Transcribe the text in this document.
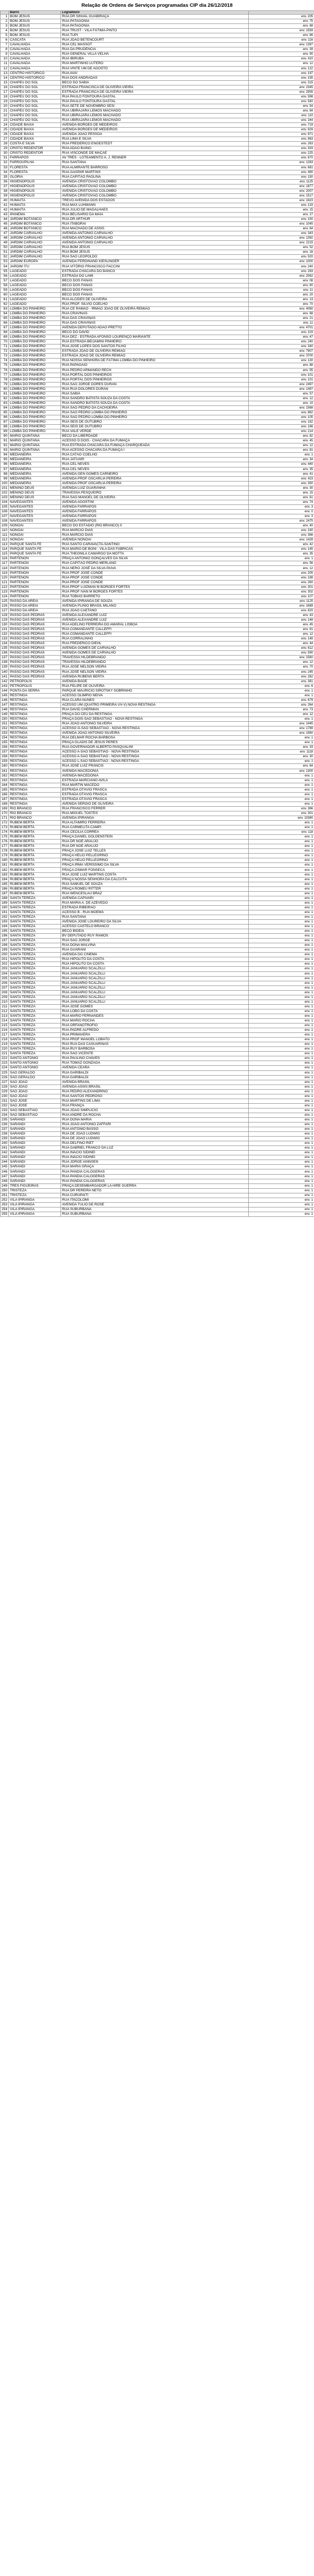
Relação de Ordens de Serviços programadas CIP dia 26/12/2018
	Bairro	Logradouro	
1	BOM JESUS	RUA DR SINVAL GUABIRAÇA	env. 205
2	BOM JESUS	RUA PATAGÔNIA	env. 75
3	BOM JESUS	RUA PATAGÔNIA	env. 68
4	BOM JESUS	RUA TRUST - VILA FÁTIMA-PINTO	env. 1559
5	BOM JESUS	RUA TUPI	env. 66
6	CASCATA	RUA JOÃO BETENCOURT	env. 116
7	CAVALHADA	RUA CEL MASSOT	env. 1397
8	CAVALHADA	RUA DA PRUDÊNCIA	env. 39
9	CAVALHADA	RUA GENERAL VILLA VELHA	env. 90
10	CAVALHADA	RUA IBIRUBÁ	env. 410
11	CAVALHADA	RUA MARTINHO LUTERO	env. 12
12	CAVALHADA	RUA VINTE UM DE AGOSTO	env. 122
13	CENTRO HISTÓRICO	RUA AVAÍ	env. 197
14	CENTRO HISTÓRICO	RUA DOS ANDRADAS	env. 155
15	CHAPÉU DO SOL	BECO DO SABIÁ	env. 315
16	CHAPÉU DO SOL	ESTRADA FRANCISCA DE OLIVEIRA VIEIRA	env. 2345
17	CHAPÉU DO SOL	ESTRADA FRANCISCA DE OLIVEIRA VIEIRA	env. 2555
18	CHAPÉU DO SOL	RUA PAULO FONTOURA GASTAL	env. 598
19	CHAPÉU DO SOL	RUA PAULO FONTOURA GASTAL	env. 540
20	CHAPÉU DO SOL	RUA SETE DE NOVEMBRO SESI	env. 54
21	CHAPÉU DO SOL	RUA UBIRAJARA LEMOS MACHADO	env. 84
22	CHAPÉU DO SOL	RUA UBIRAJARA LEMOS MACHADO	env. 110
23	CHAPÉU DO SOL	RUA UBIRAJARA LEMOS MACHADO	env. 244
24	CIDADE BAIXA	AVENIDA BORGES DE MEDEIROS	env. 719
25	CIDADE BAIXA	AVENIDA BORGES DE MEDEIROS	env. 929
26	CIDADE BAIXA	AVENIDA JOÃO PESSOA	env. 971
27	CIDADE BAIXA	RUA LIMA E SILVA	env. 963
28	COSTA E SILVA	RUA FREDERICO ENGESTEDT	env. 263
29	CRISTO REDENTOR	RUA ADÃO BAINO	env. 333
30	CRISTO REDENTOR	RUA VISCONDE DE MACAÉ	env. 225
31	FARRAPOS	AV TRÊS - LOTEAMENTO A. J. RENNER	env. 670
32	FARROUPILHA	RUA SANTANA	env. 1263
33	FLORESTA	RUA ALMIRANTE BARROSO	env. 681
34	FLORESTA	RUA GASPAR MARTINS	env. 490
35	GLÓRIA	RUA CAPITÃO PAOLINA	env. 150
36	HIGIENÓPOLIS	AVENIDA CRISTÓVÃO COLOMBO	env. 1125
37	HIGIENÓPOLIS	AVENIDA CRISTÓVÃO COLOMBO	env. 1877
38	HIGIENÓPOLIS	AVENIDA CRISTÓVÃO COLOMBO	env. 2007
39	HIGIENÓPOLIS	AVENIDA CRISTÓVÃO COLOMBO	env. 1517
40	HUMAITÁ	TREVO AVENIDA DOS ESTADOS	env. 1823
41	HUMAITÁ	RUA MAX LUHMANN	env. 133
42	HUMAITÁ	RUA JÚLIO DE MAGALHÃES	env. 15
43	IPANEMA	RUA BELISÁRIO DA MAIA	env. 27
44	JARDIM BOTÂNICO	RUA DR ARTHUR	env. 150
45	JARDIM BOTÂNICO	RUA ITABORAÍ	env. 1045
46	JARDIM BOTÂNICO	RUA MACHADO DE ASSIS	env. 64
47	JARDIM CARVALHO	AVENIDA ANTÔNIO CARVALHO	env. 343
48	JARDIM CARVALHO	AVENIDA ANTÔNIO CARVALHO	env. 1392
49	JARDIM CARVALHO	AVENIDA ANTÔNIO CARVALHO	env. 2215
50	JARDIM CARVALHO	RUA BOM JESUS	env. 52
51	JARDIM CARVALHO	RUA BOM JESUS	env. 16
52	JARDIM CARVALHO	RUA SÃO LEOPOLDO	env. 520
53	JARDIM EUROPA	AVENIDA FERDINAND KIESLINGER	env. 1000
54	JARDIM ITU	RUA VITÓRIO FRANCISCO FACCINI	env. 240
55	LAGEADO	ESTRADA CHÁCARA DO BANCO	env. 293
56	LAGEADO	ESTRADA DO LAMI	env. 2062
57	LAGEADO	BECO DOS FANAS	env. 08
58	LAGEADO	BECO DOS FANAS	env. 60
59	LAGEADO	BECO DOS FANAS	env. 11
60	LAGEADO	BECO DOS FANAS	env. 20
61	LAGEADO	RUA ALCIDES DE OLIVEIRA	env. 13
62	LAGEADO	RUA PROF. SILVIO COELHO	env. 70
63	LOMBA DO PINHEIRO	RUA CÉ RAMAO - IRMÃO JOÃO DE OLIVEIRA REMIÃO	env. 4080
64	LOMBA DO PINHEIRO	RUA CRAVINAS	env. 68
65	LOMBA DO PINHEIRO	RUA DAS CRAVINAS	env. 21
66	LOMBA DO PINHEIRO	RUA DAS CRAVINAS	env. 11
67	LOMBA DO PINHEIRO	AVENIDA DEPUTADO ADÃO PRETTO	env. 4701
68	LOMBA DO PINHEIRO	BECO DO DAVID	env. 103
69	LOMBA DO PINHEIRO	RUA DEZ - ESTRADA AFONSO LOURENÇO MARIANTE	env. 47
70	LOMBA DO PINHEIRO	RUA ESTRADA BEIJAMINI PINHEIRO	env. 240
71	LOMBA DO PINHEIRO	RUA JOSÉ LOPES DOS SANTOS FILHO	env. 340
72	LOMBA DO PINHEIRO	ESTRADA JOÃO DE OLIVEIRA REMIÃO	env. 7907
73	LOMBA DO PINHEIRO	ESTRADA JOÃO DE OLIVEIRA REMIÃO	env. 3700
74	LOMBA DO PINHEIRO	RUA NOSSA SENHORA DE FÁTIMA LOMBA DO PINHEIRO	env. 130
75	LOMBA DO PINHEIRO	RUA PAPAGAIO	env. 88
76	LOMBA DO PINHEIRO	RUA PEDRO ARMANDO RECH	env. 55
77	LOMBA DO PINHEIRO	RUA PORTAL DOS PINHEIROS	env. 101
78	LOMBA DO PINHEIRO	RUA PORTAL DOS PINHEIROS	env. 101
79	LOMBA DO PINHEIRO	RUA SÃO JORGE DORES DURAN	env. 2497
80	LOMBA DO PINHEIRO	RUA RUA DOLORES DURAN	env. 1497
81	LOMBA DO PINHEIRO	RUA SABIÁ	env. 57
82	LOMBA DO PINHEIRO	RUA SANDRO BATISTA SOUZA DA COSTA	env. 12
83	LOMBA DO PINHEIRO	RUA SANDRO BATISTA SOUZA DA COSTA	env. 10
84	LOMBA DO PINHEIRO	RUA SÃO PEDRO DA CACHOEIRA	env. 1568
85	LOMBA DO PINHEIRO	RUA SÃO PEDRO LOMBA DO PINHEIRO	env. 862
86	LOMBA DO PINHEIRO	RUA SÃO PEDRO LOMBA DO PINHEIRO	env. 105
87	LOMBA DO PINHEIRO	RUA SEIS DE OUTUBRO	env. 162
88	LOMBA DO PINHEIRO	RUA SEIS DE OUTUBRO	env. 166
89	LOMBA DO PINHEIRO	RUA VALE VERDE	env. 214
90	MARIO QUINTANA	BECO DA LIBERDADE	env. 82
91	MARIO QUINTANA	ACESSO D DOIS - CHÁCARA DA FUMAÇA	env. 45
92	MARIO QUINTANA	RUA ESTRADA CHÁCARA DA FUMAÇA CHARQUEADA	env. 12
93	MARIO QUINTANA	RUA ACESSO CHÁCARA DA FUMAÇA I	env. 81
94	MEDIANEIRA	RUA CATÃO COELHO	env. 1
95	MEDIANEIRA	RUA JATUARÍ	env. 34
96	MEDIANEIRA	RUA CEL NEVES	env. 440
97	MEDIANEIRA	RUA CEL NEVES	env. 35
98	MEDIANEIRA	AVENIDA GEN GOMES CARNEIRO	env. 41
99	MEDIANEIRA	AVENIDA PROF OSCARLIA PEREIRA	env. 423
100	MEDIANEIRA	AVENIDA PROF OSCARLIA PEREIRA	env. 350
101	MENINO DEUS	AVENIDA LUIZ GUARANHA	env. 30
102	MENINO DEUS	TRAVESSA PESQUEIRO	env. 15
103	MENINO DEUS	RUA SÃO MANOEL DE OLIVEIRA	env. 61
104	NAVEGANTES	AVENIDA AGOSTINI	env. 74
105	NAVEGANTES	AVENIDA FARRAPOS	env. 3
106	NAVEGANTES	AVENIDA FARRAPOS	env. 0
107	NAVEGANTES	AVENIDA FARRAPOS	env. 3
108	NAVEGANTES	AVENIDA FARRAPOS	env. 2475
109	NONOAI	BECO DO ESTÁDIO (RIO BRANCO) II	env. 40
110	NONOAI	RUA MARCIO DIAS	env. 160
111	NONOAI	RUA MARCIO DIAS	env. 366
112	NONOAI	AVENIDA NONOAI	env. 1428
113	PARQUE SANTA FÉ	RUA SANTO CARAVACTA-SANTINO	env. 42
114	PARQUE SANTA FÉ	RUA MARIO DE BONI - VILA DAS FÁBRICAS	env. 145
115	PARQUE SANTA FÉ	RUA THEONILA CAMARGO DA MOTTA	env. 35
116	PARTENON	PRAÇA ANTONIO GONÇALVES DA SILVA	env. 1
117	PARTENON	RUA CAPITÃO PEDRO MERLANG	env. 56
118	PARTENON	RUA NERO JOSÉ DA SILVA PAIVA	env. 12
119	PARTENON	RUA PROF JOSÉ CONDE	env. 205
120	PARTENON	RUA PROF JOSÉ CONDE	env. 198
121	PARTENON	RUA PROF JOSÉ CONDE	env. 260
122	PARTENON	RUA PROF LUIZMAN M BORGES FORTES	env. 301
123	PARTENON	RUA PROF IVAN M BORGES FORTES	env. 302
124	PARTENON	RUA TOBIAS BARRETO	env. 107
125	PASSO DA AREIA	AVENIDA IPIRANGA DE SOUZA	env. 1125
126	PASSO DA AREIA	AVENIDA PLINIO BRASIL MILANO	env. 1689
127	PASSO DA AREIA	RUA JOÃO CAETANO	env. 620
128	PASSO DAS PEDRAS	AVENIDA ALEXANDRE LUIZ	env. 43
129	PASSO DAS PEDRAS	AVENIDA ALEXANDRE LUIZ	env. 148
130	PASSO DAS PEDRAS	RUA ADELINO FERREIRA DO AMARAL LISBOA	env. 45
131	PASSO DAS PEDRAS	RUA COMANDANTE CALLEFFI	env. 81
132	PASSO DAS PEDRAS	RUA COMANDANTE CALLEFFI	env. 12
133	PASSO DAS PEDRAS	RUA CORRALINHO	env. 148
134	PASSO DAS PEDRAS	RUA FREDERICO DIEHL	env. 44
135	PASSO DAS PEDRAS	AVENIDA GOMES DE CARVALHO	env. 612
136	PASSO DAS PEDRAS	AVENIDA GOMES DE CARVALHO	env. 590
137	PASSO DAS PEDRAS	TRAVESSA HILDEBRANDO	env. 1560
138	PASSO DAS PEDRAS	TRAVESSA HILDEBRANDO	env. 12
139	PASSO DAS PEDRAS	RUA JOSÉ NELSON VIEIRA	env. 70
140	PASSO DAS PEDRAS	RUA JOSÉ NELSON VIEIRA	env. 245
141	PASSO DAS PEDRAS	AVENIDA RUBENS BERTA	env. 262
142	PETRÓPOLIS	AVENIDA BAGÉ	env. 381
143	PETRÓPOLIS	RUA FELIPE DE OLIVEIRA	env. 6
144	PONTA DA SERRA	PARQUE MAURÍCIO SIROTSKY SOBRINHO	env. 1
145	RESTINGA	ACESSO OLÍMPIO NEIVA	env. 1
146	RESTINGA	RUA CLARA NUNES	env. 679
147	RESTINGA	ACESSO UM (QUATRO PRIMEIRA UV-V) NOVA RESTINGA	env. 264
148	RESTINGA	RUA DAVID CHERMAN	env. 73
149	RESTINGA	PRAÇA DO CEU DA RESTINGA	env. 12
150	RESTINGA	PRAÇA DOIS-SÃO SEBASTIÃO - NOVA RESTINGA	env. 1
151	RESTINGA	RUA JOÃO ANTÔNIO SILVEIRA	env. 2445
152	RESTINGA	ACESSO G-SÃO SEBASTIÃO - NOVA RESTINGA	env. 1789
153	RESTINGA	AVENIDA JOÃO ANTÔNIO SILVEIRA	env. 1560
154	RESTINGA	RUA DELMAR ROCHA BARBOSA	env. 1
155	RESTINGA	PRAÇA GLADIS DE JESUS PERES	env. 1
156	RESTINGA	RUA GOVERNADOR ALBERTO PASQUALINI	env. 33
157	RESTINGA	ACESSO A-SÃO SEBASTIÃO - NOVA RESTINGA	env. 1118
158	RESTINGA	ACESSO A-SÃO SEBASTIÃO - NOVA RESTINGA	env. 30
159	RESTINGA	ACESSO L-SÃO SEBASTIÃO - NOVA RESTINGA	env. 1
160	RESTINGA	RUA JOSÉ LUIZ FRANCIS	env. 64
161	RESTINGA	AVENIDA MACEDÔNIA	env. 1300
162	RESTINGA	AVENIDA MACEDÔNIA	env. 1
163	RESTINGA	ESTRADA MARCIANO AVILA	env. 1
164	RESTINGA	RUA MARTIN MACEDO	env. 1
165	RESTINGA	ESTRADA OTÁVIO FRASCA	env. 1
166	RESTINGA	ESTRADA OTÁVIO FRASCA	env. 1
167	RESTINGA	ESTRADA OTÁVIO FRASCA	env. 1
168	RESTINGA	AVENIDA SÉRGIO DE OLIVEIRA	env. 1
169	RIO BRANCO	RUA FRANCISCO FERRER	env. 366
170	RIO BRANCO	RUA MIGUEL TOSTES	env. 301
171	RIO BRANCO	AVENIDA IPIRANGA	env. 10380
172	RUBEM BERTA	RUA ALTAMIRO FERREIRA	env. 1
173	RUBEM BERTA	RUA CARMELITA CAMPI	env. 1
174	RUBEM BERTA	RUA CECÍLIA CORRÊA	env. 118
175	RUBEM BERTA	PRAÇA DANIEL GOLDENSTEIN	env. 1
176	RUBEM BERTA	RUA DR NOÉ ARAÚJO	env. 1
177	RUBEM BERTA	RUA DR NOÉ ARAÚJO	env. 1
178	RUBEM BERTA	PRAÇA JOSÉ LUIZ TELLES	env. 1
179	RUBEM BERTA	PRAÇA HÉLIO PELLEGRINO	env. 1
180	RUBEM BERTA	PRAÇA HÉLIO PELLEGRINO	env. 1
181	RUBEM BERTA	PRAÇA IRMÃ VERÍSSIMO DA SILVA	env. 1
182	RUBEM BERTA	PRAÇA OSMAR FONSECA	env. 1
183	RUBEM BERTA	RUA JOSÉ LUIZ MARTINS COSTA	env. 1
184	RUBEM BERTA	PRAÇA NOSSA SENHORA DA CALCUTÁ	env. 1
185	RUBEM BERTA	RUA SAMUEL DE SOUZA	env. 1
186	RUBEM BERTA	PRAÇA ROMEU RITTER	env. 1
187	RUBEM BERTA	RUA WENCESLAU BRAZ	env. 1
188	SANTA TEREZA	AVENIDA CAPIVARI	env. 1
189	SANTA TEREZA	RUA MARIA A. DE AZEVEDO	env. 1
190	SANTA TEREZA	ESTRADA RIBEIRÃO	env. 1
191	SANTA TEREZA	ACESSO B - RUA MOEMA	env. 1
192	SANTA TEREZA	RUA SANTANA	env. 1
193	SANTA TEREZA	AVENIDA JOSÉ LOUREIRO DA SILVA	env. 1
194	SANTA TEREZA	ACESSO CASTELO BRANCO	env. 1
195	SANTA TEREZA	BECO BIDÉIA	env. 1
196	SANTA TEREZA	BV DEPUTADO RUY RAMOS	env. 1
197	SANTA TEREZA	RUA SÃO JORGE	env. 1
198	SANTA TEREZA	RUA DONA MALVINA	env. 1
199	SANTA TEREZA	RUA GUARANI	env. 1
200	SANTA TEREZA	AVENIDA DO CINEMA	env. 1
201	SANTA TEREZA	RUA HIPÓLITO DA COSTA	env. 1
202	SANTA TEREZA	RUA HIPÓLITO DA COSTA	env. 1
203	SANTA TEREZA	RUA JANUÁRIO SCALZILLI	env. 1
204	SANTA TEREZA	RUA JANUÁRIO SCALZILLI	env. 1
205	SANTA TEREZA	RUA JANUÁRIO SCALZILLI	env. 1
206	SANTA TEREZA	RUA JANUÁRIO SCALZILLI	env. 1
207	SANTA TEREZA	RUA JANUÁRIO SCALZILLI	env. 1
208	SANTA TEREZA	RUA JANUÁRIO SCALZILLI	env. 1
209	SANTA TEREZA	RUA JANUÁRIO SCALZILLI	env. 1
210	SANTA TEREZA	RUA JANUÁRIO SCALZILLI	env. 1
211	SANTA TEREZA	RUA JOSÉ GOMES	env. 1
212	SANTA TEREZA	RUA LOBO DA COSTA	env. 1
213	SANTA TEREZA	RUA MARIO FERNANDES	env. 1
214	SANTA TEREZA	RUA MARIO ROCHA	env. 1
215	SANTA TEREZA	RUA ORFANOTROFIO	env. 1
216	SANTA TEREZA	RUA PADRE ALFREDO	env. 1
217	SANTA TEREZA	RUA PRIMAVERA	env. 1
218	SANTA TEREZA	RUA PROF MANOEL LOBATO	env. 1
219	SANTA TEREZA	RUA RUA DAS CASUARINAS	env. 1
220	SANTA TEREZA	RUA RUY BARBOSA	env. 1
221	SANTA TEREZA	RUA SÃO VICENTE	env. 1
222	SANTO ANTÔNIO	RUA PAULINO CHAVES	env. 1
223	SANTO ANTÔNIO	RUA TOMAZ GONZAGA	env. 1
224	SANTO ANTÔNIO	AVENIDA CEARÁ	env. 1
225	SÃO GERALDO	RUA GARIBALDI	env. 1
226	SÃO GERALDO	RUA GARIBALDI	env. 1
227	SÃO JOÃO	AVENIDA BRASIL	env. 1
228	SÃO JOÃO	AVENIDA ASSIS BRASIL	env. 1
229	SÃO JOÃO	RUA PEDRO ALEXANDRINO	env. 1
230	SÃO JOÃO	RUA SANTOS PEDROSO	env. 1
231	SÃO JOSÉ	RUA MARTINS DE LIMA	env. 1
232	SÃO JOSÉ	RUA FRANÇA	env. 1
233	SÃO SEBASTIÃO	RUA JOÃO SIMPLÍCIO	env. 1
234	SÃO SEBASTIÃO	RUA ANDRÉ DA ROCHA	env. 1
235	SARANDI	RUA DONA MARIA	env. 1
236	SARANDI	RUA JOÃO ANTÔNIO ZAFFARI	env. 1
237	SARANDI	RUA ANTÔNIO BASSO	env. 1
238	SARANDI	RUA DE JOÃO LUDWIG	env. 1
239	SARANDI	RUA DE JOÃO LUDWIG	env. 1
240	SARANDI	RUA DELFINO RIET	env. 1
241	SARANDI	RUA GABRIEL FRANCO DA LUZ	env. 1
242	SARANDI	RUA INÁCIO SIDINEI	env. 1
243	SARANDI	RUA INÁCIO SIDINEI	env. 1
244	SARANDI	RUA JORGE IANNSEN	env. 1
245	SARANDI	RUA MARIA GRAÇA	env. 1
246	SARANDI	RUA PANDIA CALÓGERAS	env. 1
247	SARANDI	RUA PANDIA CALÓGERAS	env. 1
248	SARANDI	RUA PANDIA CALÓGERAS	env. 1
249	TRÊS FIGUEIRAS	PRAÇA DESEMBARGADOR LA HIRE GUERRA	env. 1
250	TRISTEZA	RUA DR PEREIRA NETO	env. 1
251	TRISTEZA	RUA CURUPAITI	env. 1
252	VILA IPIRANGA	RUA ITACOLOMI	env. 1
253	VILA IPIRANGA	AVENIDA TULIO DE ROSE	env. 1
254	VILA IPIRANGA	RUA SUBURBANA	env. 1
255	VILA IPIRANGA	RUA SUBURBANA	env. 1
